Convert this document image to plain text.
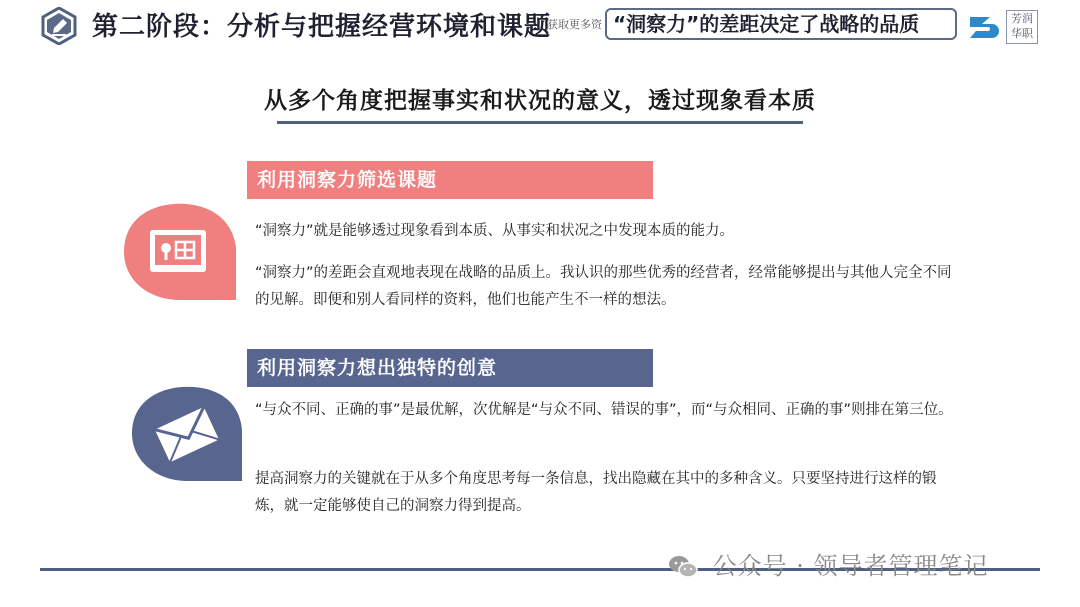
第二阶段：分析与把握经营环境和课题
获取更多资 “洞察力”的差距决定了战略的品质	芳润华职
从多个角度把握事实和状况的意义，透过现象看本质
利用洞察力筛选课题
“洞察力”就是能够透过现象看到本质、从事实和状况之中发现本质的能力。
“洞察力”的差距会直观地表现在战略的品质上。我认识的那些优秀的经营者，经常能够提出与其他人完全不同的见解。即便和别人看同样的资料，他们也能产生不一样的想法。
利用洞察力想出独特的创意
“与众不同、正确的事”是最优解，次优解是“与众不同、错误的事”，而“与众相同、正确的事”则排在第三位。
提高洞察力的关键就在于从多个角度思考每一条信息，找出隐藏在其中的多种含义。只要坚持进行这样的锻炼，就一定能够使自己的洞察力得到提高。
公众号 · 领导者管理笔记
